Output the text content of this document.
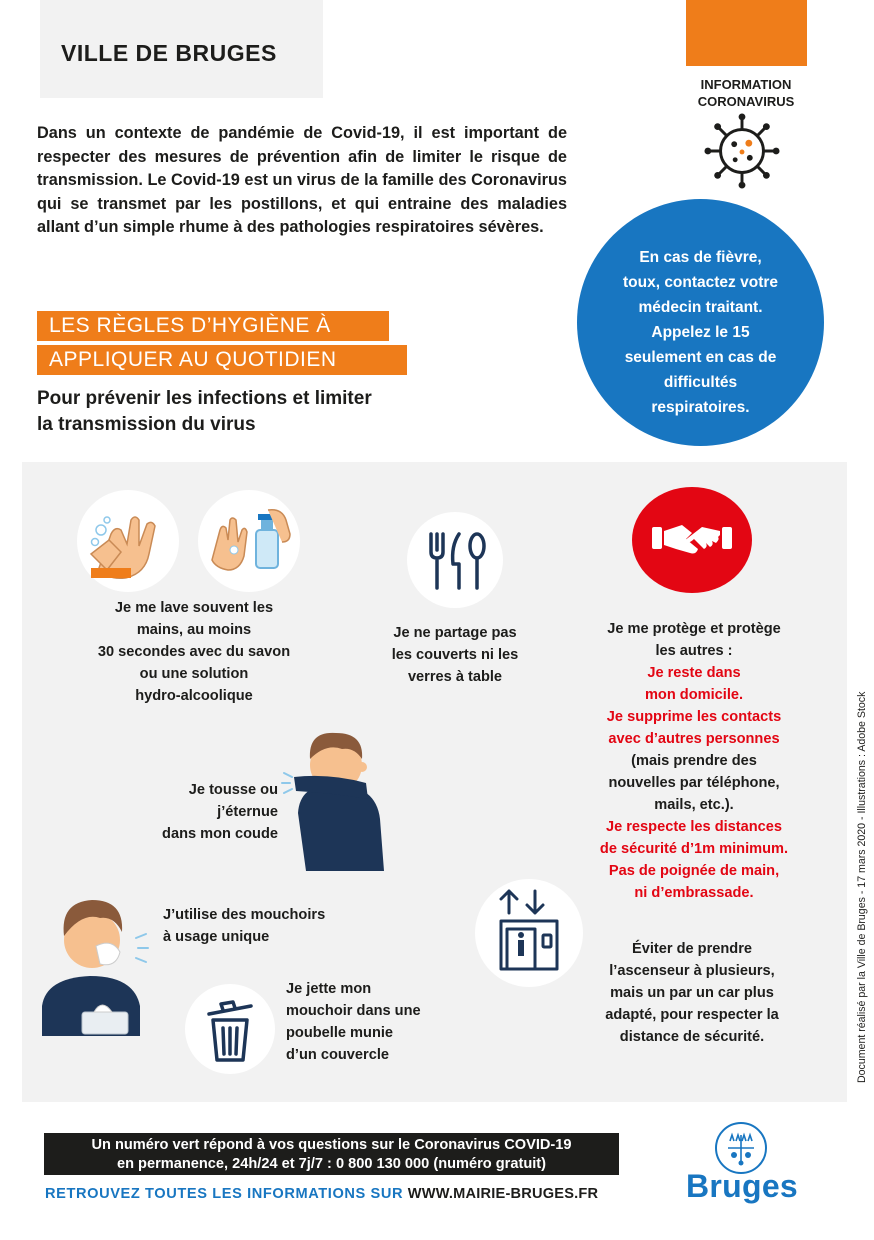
VILLE DE BRUGES
INFORMATION
CORONAVIRUS
Dans un contexte de pandémie de Covid-19, il est important de respecter des mesures de prévention afin de limiter le risque de transmission. Le Covid-19 est un virus de la famille des Coronavirus qui se transmet par les postillons, et qui entraine des maladies allant d’un simple rhume à des pathologies respiratoires sévères.
En cas de fièvre,
toux, contactez votre
médecin traitant.
Appelez le 15
seulement en cas de
difficultés
respiratoires.
LES RÈGLES D’HYGIÈNE À
APPLIQUER AU QUOTIDIEN
Pour prévenir les infections et limiter
la transmission du virus
Je me lave souvent les
mains, au moins
30 secondes avec du savon
ou une solution
hydro-alcoolique
Je ne partage pas
les couverts ni les
verres à table
Je me protège et protège
les autres :
Je reste dans
mon domicile.
Je supprime les contacts
avec d’autres personnes
(mais prendre des
nouvelles par téléphone,
mails, etc.).
Je respecte les distances
de sécurité d’1m minimum.
Pas de poignée de main,
ni d’embrassade.
Je tousse ou
j’éternue
dans mon coude
J’utilise des mouchoirs
à usage unique
Je jette mon
mouchoir dans une
poubelle munie
d’un couvercle
Éviter de prendre
l’ascenseur à plusieurs,
mais un par un car plus
adapté, pour respecter la
distance de sécurité.	Document réalisé par la Ville de Bruges - 17 mars 2020 - Illustrations : Adobe Stock
Un numéro vert répond à vos questions sur le Coronavirus COVID-19
en permanence, 24h/24 et 7j/7 : 0 800 130 000 (numéro gratuit)
RETROUVEZ TOUTES LES INFORMATIONS SUR WWW.MAIRIE-BRUGES.FR	Bruges
